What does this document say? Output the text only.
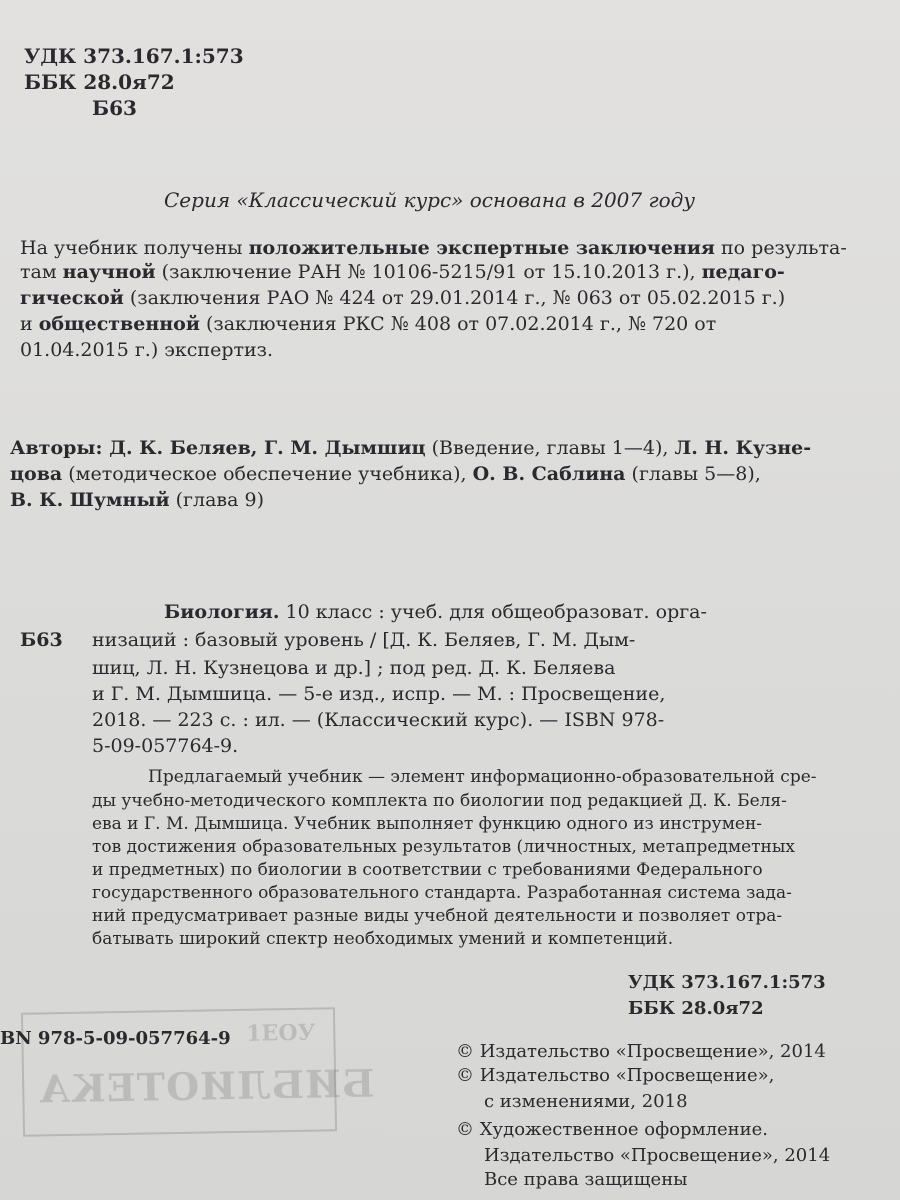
1ЕОУ
БИБЛИОТЕКА
УДК 373.167.1:573
ББК 28.0я72
Б63
Серия «Классический курс» основана в 2007 году
На учебник получены положительные экспертные заключения по результа-
там научной (заключение РАН № 10106-5215/91 от 15.10.2013 г.), педаго-
гической (заключения РАО № 424 от 29.01.2014 г., № 063 от 05.02.2015 г.)
и общественной (заключения РКС № 408 от 07.02.2014 г., № 720 от
01.04.2015 г.) экспертиз.
Авторы: Д. К. Беляев, Г. М. Дымшиц (Введение, главы 1—4), Л. Н. Кузне-
цова (методическое обеспечение учебника), О. В. Саблина (главы 5—8),
В. К. Шумный (глава 9)
Б63
Биология. 10 класс : учеб. для общеобразоват. орга-
низаций : базовый уровень / [Д. К. Беляев, Г. М. Дым-
шиц, Л. Н. Кузнецова и др.] ; под ред. Д. К. Беляева
и Г. М. Дымшица. — 5-е изд., испр. — М. : Просвещение,
2018. — 223 с. : ил. — (Классический курс). — ISBN 978-
5-09-057764-9.
Предлагаемый учебник — элемент информационно-образовательной сре-
ды учебно-методического комплекта по биологии под редакцией Д. К. Беля-
ева и Г. М. Дымшица. Учебник выполняет функцию одного из инструмен-
тов достижения образовательных результатов (личностных, метапредметных
и предметных) по биологии в соответствии с требованиями Федерального
государственного образовательного стандарта. Разработанная система зада-
ний предусматривает разные виды учебной деятельности и позволяет отра-
батывать широкий спектр необходимых умений и компетенций.
УДК 373.167.1:573
ББК 28.0я72
BN 978-5-09-057764-9
© Издательство «Просвещение», 2014
© Издательство «Просвещение»,
с изменениями, 2018
© Художественное оформление.
Издательство «Просвещение», 2014
Все права защищены
